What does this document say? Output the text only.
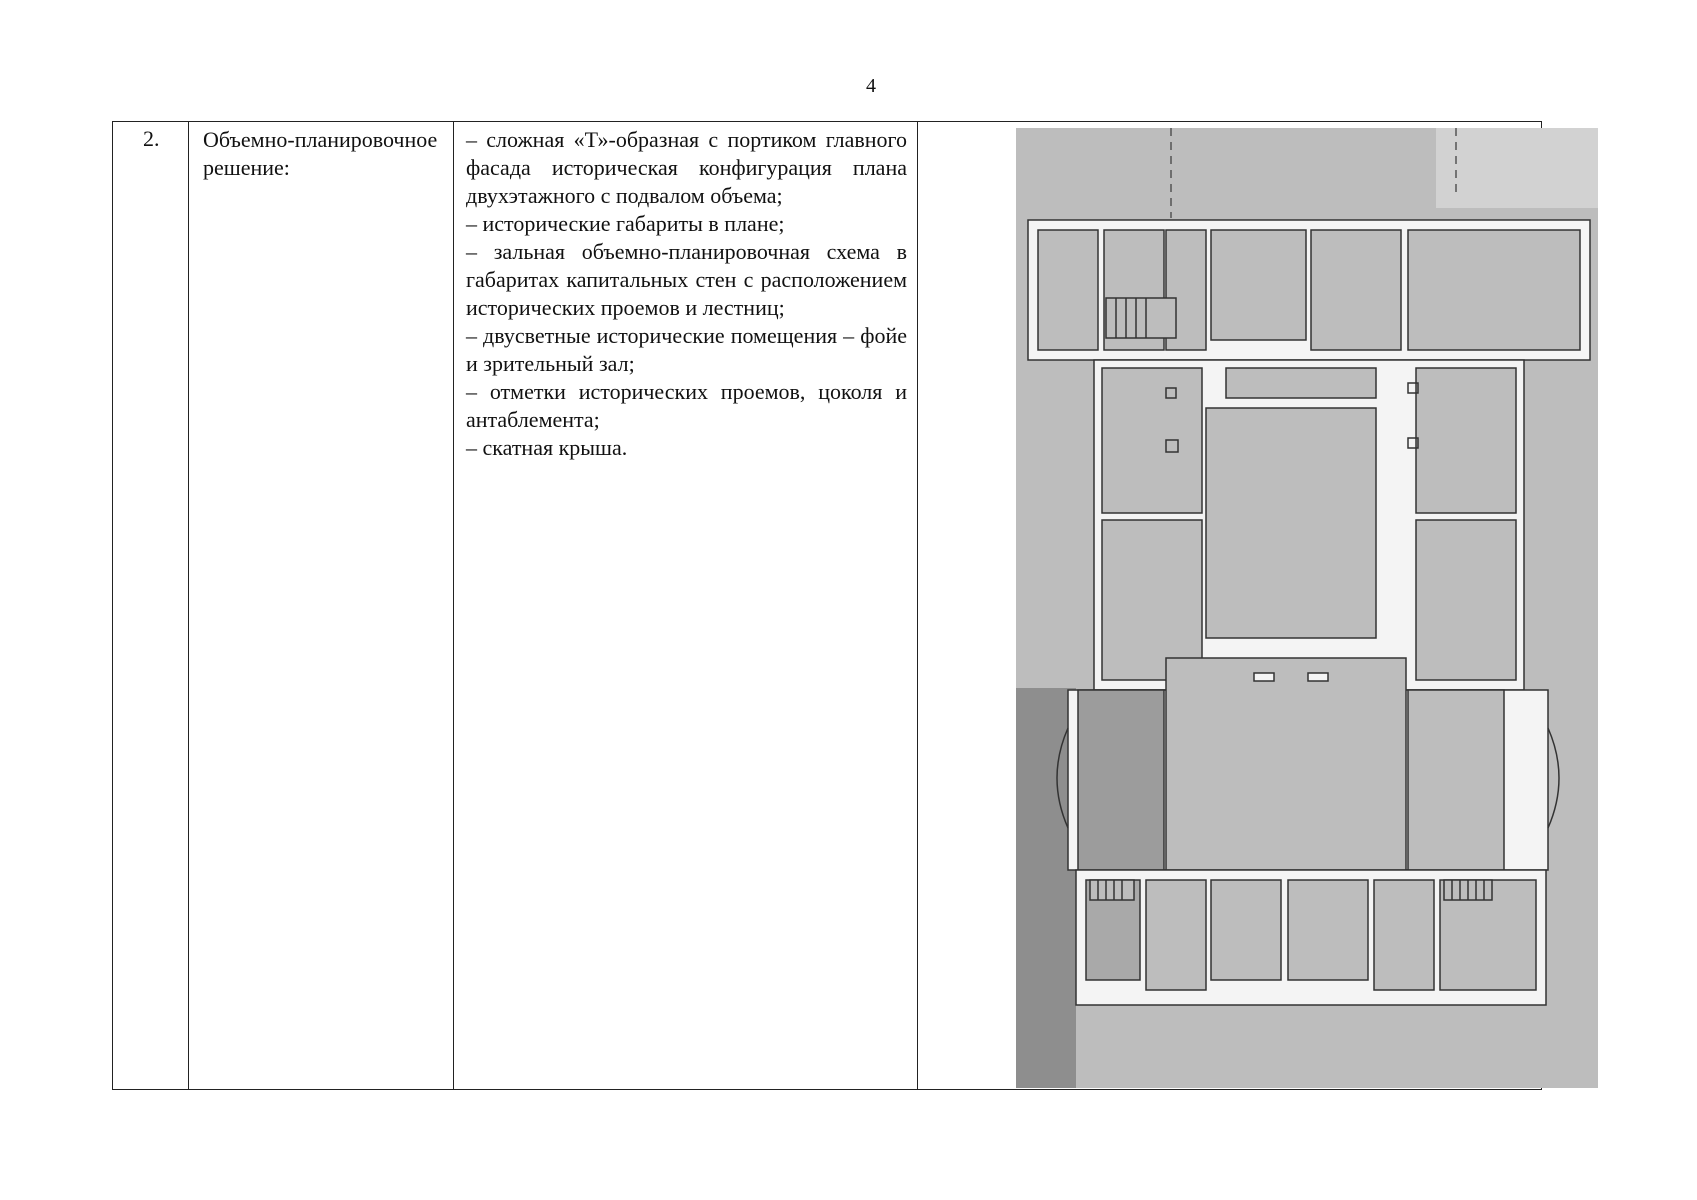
4
2.	Объемно-планировочное решение:

– сложная «Т»-образная с портиком главного фасада историческая конфигурация плана двухэтажного с подвалом объема;
– исторические габариты в плане;
– зальная объемно-планировочная схема в габаритах капитальных стен с расположением исторических проемов и лестниц;
– двусветные исторические помещения – фойе и зрительный зал;
– отметки исторических проемов, цоколя и антаблемента;
– скатная крыша.
